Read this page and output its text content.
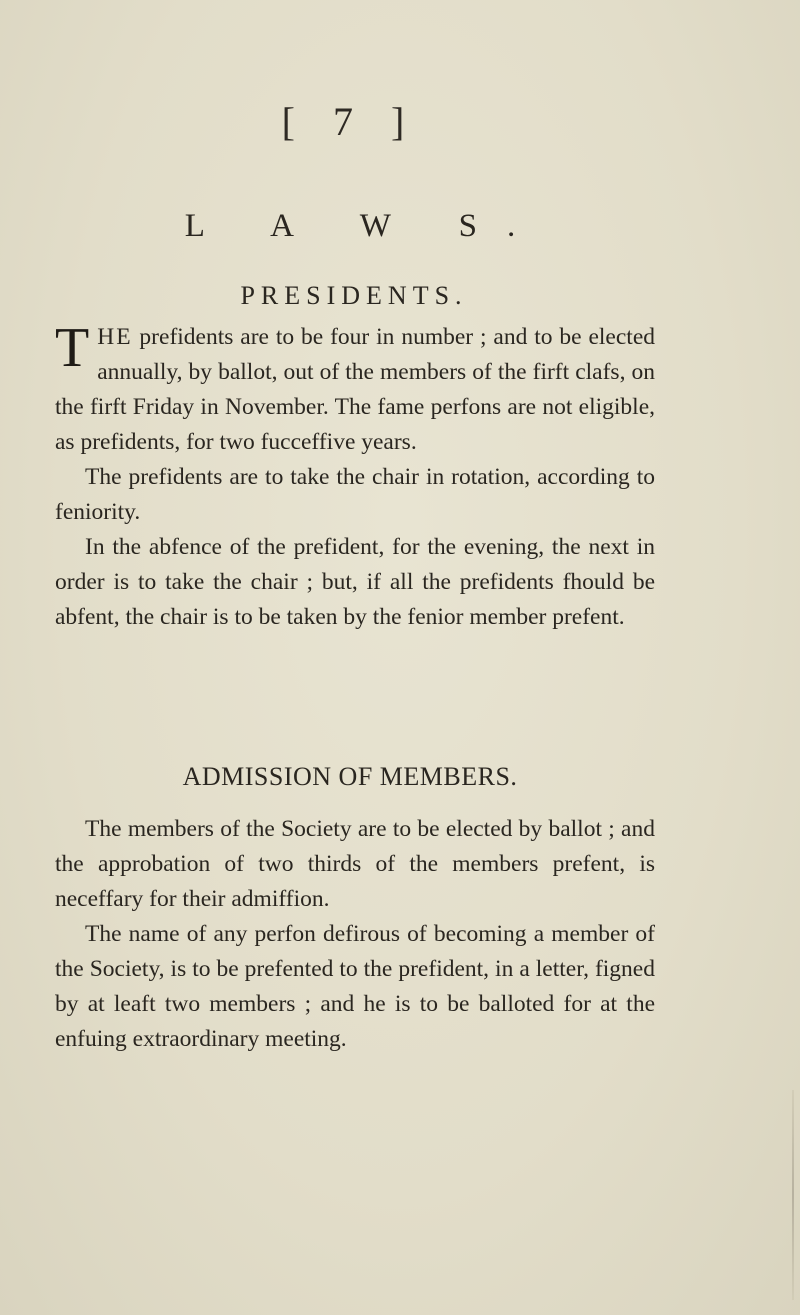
[ 7 ]
L A W S.
PRESIDENTS.

THE prefidents are to be four in number ; and to be elected annually, by ballot, out of the members of the firft clafs, on the firft Friday in November. The fame perfons are not eligible, as prefidents, for two fucceffive years.

The prefidents are to take the chair in rotation, according to feniority.

In the abfence of the prefident, for the evening, the next in order is to take the chair ; but, if all the prefidents fhould be abfent, the chair is to be taken by the fenior member prefent.

ADMISSION OF MEMBERS.

The members of the Society are to be elected by ballot ; and the approbation of two thirds of the members prefent, is neceffary for their admiffion.

The name of any perfon defirous of becoming a member of the Society, is to be prefented to the prefident, in a letter, figned by at leaft two members ; and he is to be balloted for at the enfuing extraordinary meeting.
